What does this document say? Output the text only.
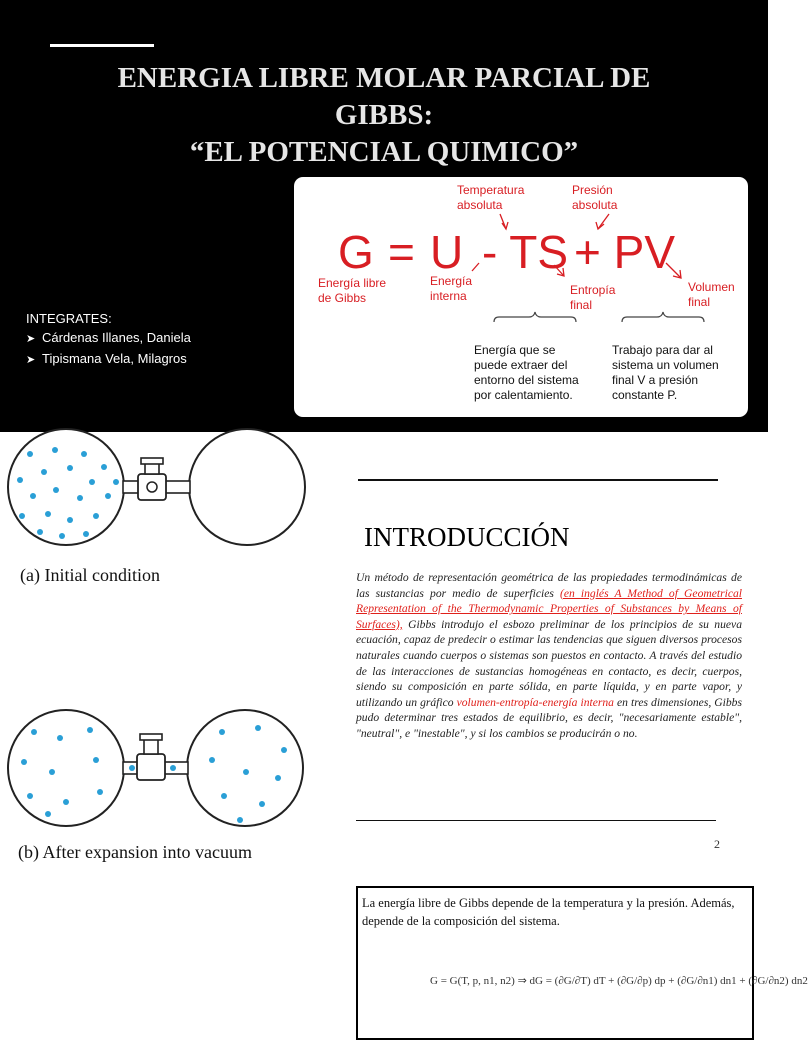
ENERGIA LIBRE MOLAR PARCIAL DE
GIBBS:
“EL POTENCIAL QUIMICO”
INTEGRATES:
➤ Cárdenas Illanes, Daniela
➤ Tipismana Vela, Milagros
Temperatura
absoluta
Presión
absoluta
G = U - TS + PV
Energía libre
de Gibbs
Energía
interna	Entropía
final
Volumen
final
Energía que se
puede extraer del
entorno del sistema
por calentamiento.
Trabajo para dar al
sistema un volumen
final V a presión
constante P.
(a) Initial condition
(b) After expansion into vacuum
INTRODUCCIÓN
Un método de representación geométrica de las propiedades termodinámicas de las sustancias por medio de superficies (en inglés A Method of Geometrical Representation of the Thermodynamic Properties of Substances by Means of Surfaces), Gibbs introdujo el esbozo preliminar de los principios de su nueva ecuación, capaz de predecir o estimar las tendencias que siguen diversos procesos naturales cuando cuerpos o sistemas son puestos en contacto. A través del estudio de las interacciones de sustancias homogéneas en contacto, es decir, cuerpos, siendo su composición en parte sólida, en parte líquida, y en parte vapor, y utilizando un gráfico volumen-entropía-energía interna en tres dimensiones, Gibbs pudo determinar tres estados de equilibrio, es decir, "necesariamente estable", "neutral", e "inestable", y si los cambios se producirán o no.
2
La energía libre de Gibbs depende de la temperatura y la presión. Además, depende de la composición del sistema.
G = G(T, p, n1, n2) ⇒ dG = (∂G/∂T) dT + (∂G/∂p) dp + (∂G/∂n1) dn1 + (∂G/∂n2) dn2
